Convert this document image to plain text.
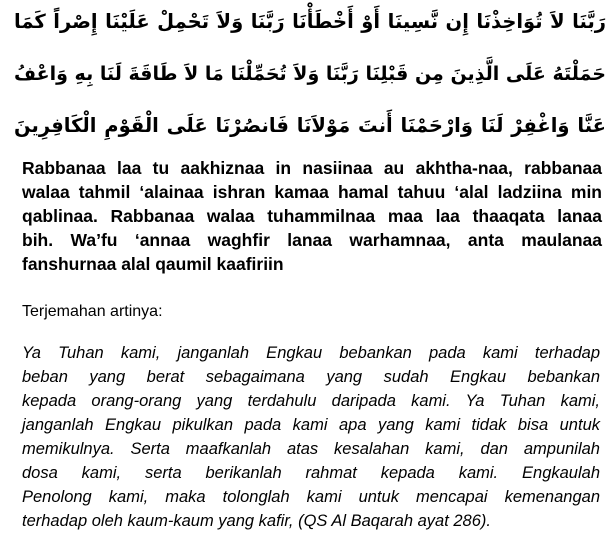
رَبَّنَا لاَ تُوَاخِذْنَا إِن نَّسِينَا أَوْ أَخْطَأْنَا رَبَّنَا وَلاَ تَحْمِلْ عَلَيْنَا إِصْراً كَمَا
حَمَلْتَهُ عَلَى الَّذِينَ مِن قَبْلِنَا رَبَّنَا وَلاَ تُحَمِّلْنَا مَا لاَ طَاقَةَ لَنَا بِهِ وَاعْفُ
عَنَّا وَاغْفِرْ لَنَا وَارْحَمْنَا أَنتَ مَوْلاَنَا فَانصُرْنَا عَلَى الْقَوْمِ الْكَافِرِينَ
Rabbanaa laa tu aakhiznaa in nasiinaa au akhtha-naa, rabbanaa
walaa tahmil ‘alainaa ishran kamaa hamal tahuu ‘alal ladziina min
qablinaa. Rabbanaa walaa tuhammilnaa maa laa thaaqata lanaa
bih. Wa’fu ‘annaa waghfir lanaa warhamnaa, anta maulanaa
fanshurnaa alal qaumil kaafiriin
Terjemahan artinya:
Ya Tuhan kami, janganlah Engkau bebankan pada kami terhadap
beban yang berat sebagaimana yang sudah Engkau bebankan
kepada orang-orang yang terdahulu daripada kami. Ya Tuhan kami,
janganlah Engkau pikulkan pada kami apa yang kami tidak bisa untuk
memikulnya. Serta maafkanlah atas kesalahan kami, dan ampunilah
dosa kami, serta berikanlah rahmat kepada kami. Engkaulah
Penolong kami, maka tolonglah kami untuk mencapai kemenangan
terhadap oleh kaum-kaum yang kafir, (QS Al Baqarah ayat 286).
